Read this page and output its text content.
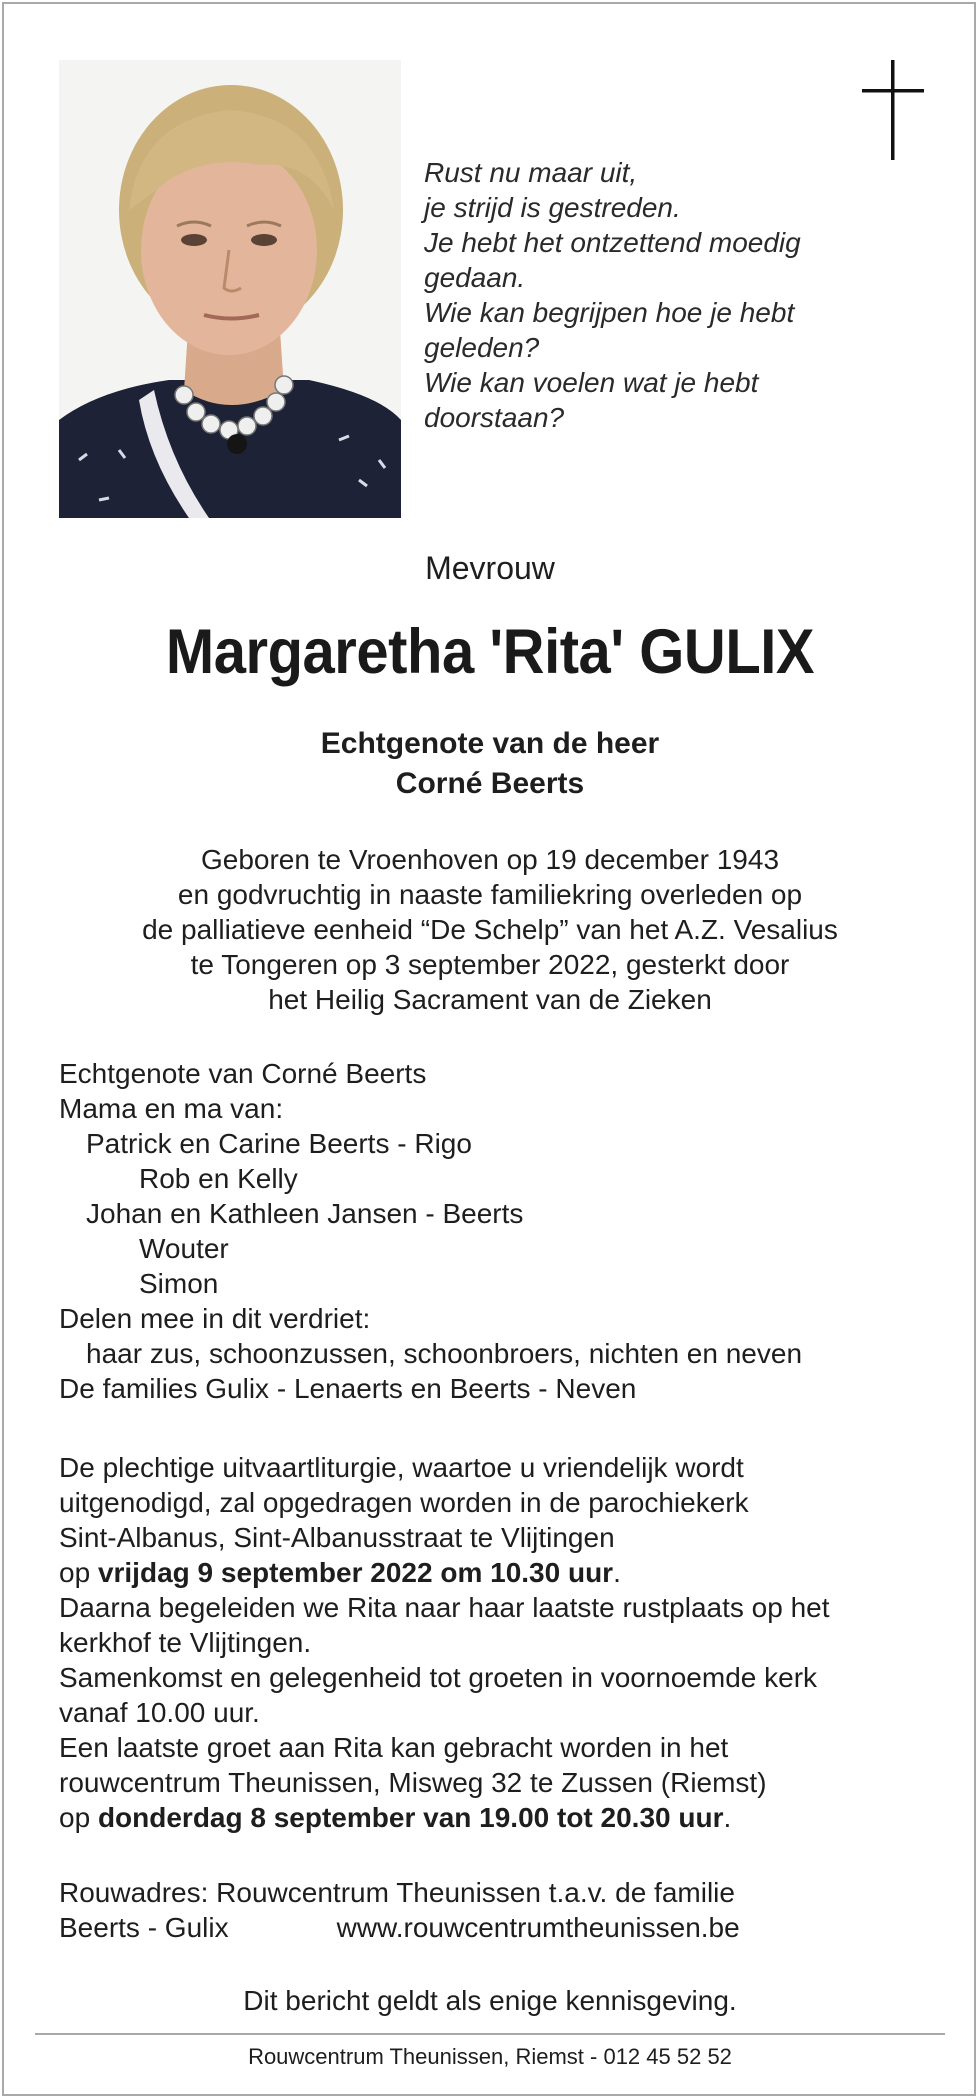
Rust nu maar uit,
je strijd is gestreden.
Je hebt het ontzettend moedig
gedaan.
Wie kan begrijpen hoe je hebt
geleden?
Wie kan voelen wat je hebt
doorstaan?
Mevrouw
Margaretha 'Rita' GULIX
Echtgenote van de heer
Corné Beerts
Geboren te Vroenhoven op 19 december 1943
en godvruchtig in naaste familiekring overleden op
de palliatieve eenheid “De Schelp” van het A.Z. Vesalius
te Tongeren op 3 september 2022, gesterkt door
het Heilig Sacrament van de Zieken
Echtgenote van Corné Beerts
Mama en ma van:
Patrick en Carine Beerts - Rigo
Rob en Kelly
Johan en Kathleen Jansen - Beerts
Wouter
Simon
Delen mee in dit verdriet:
haar zus, schoonzussen, schoonbroers, nichten en neven
De families Gulix - Lenaerts en Beerts - Neven
De plechtige uitvaartliturgie, waartoe u vriendelijk wordt
uitgenodigd, zal opgedragen worden in de parochiekerk
Sint-Albanus, Sint-Albanusstraat te Vlijtingen
op vrijdag 9 september 2022 om 10.30 uur.
Daarna begeleiden we Rita naar haar laatste rustplaats op het
kerkhof te Vlijtingen.
Samenkomst en gelegenheid tot groeten in voornoemde kerk
vanaf 10.00 uur.
Een laatste groet aan Rita kan gebracht worden in het
rouwcentrum Theunissen, Misweg 32 te Zussen (Riemst)
op donderdag 8 september van 19.00 tot 20.30 uur.
Rouwadres: Rouwcentrum Theunissen t.a.v. de familie
Beerts - Gulix	www.rouwcentrumtheunissen.be
Dit bericht geldt als enige kennisgeving.
Rouwcentrum Theunissen, Riemst - 012 45 52 52
